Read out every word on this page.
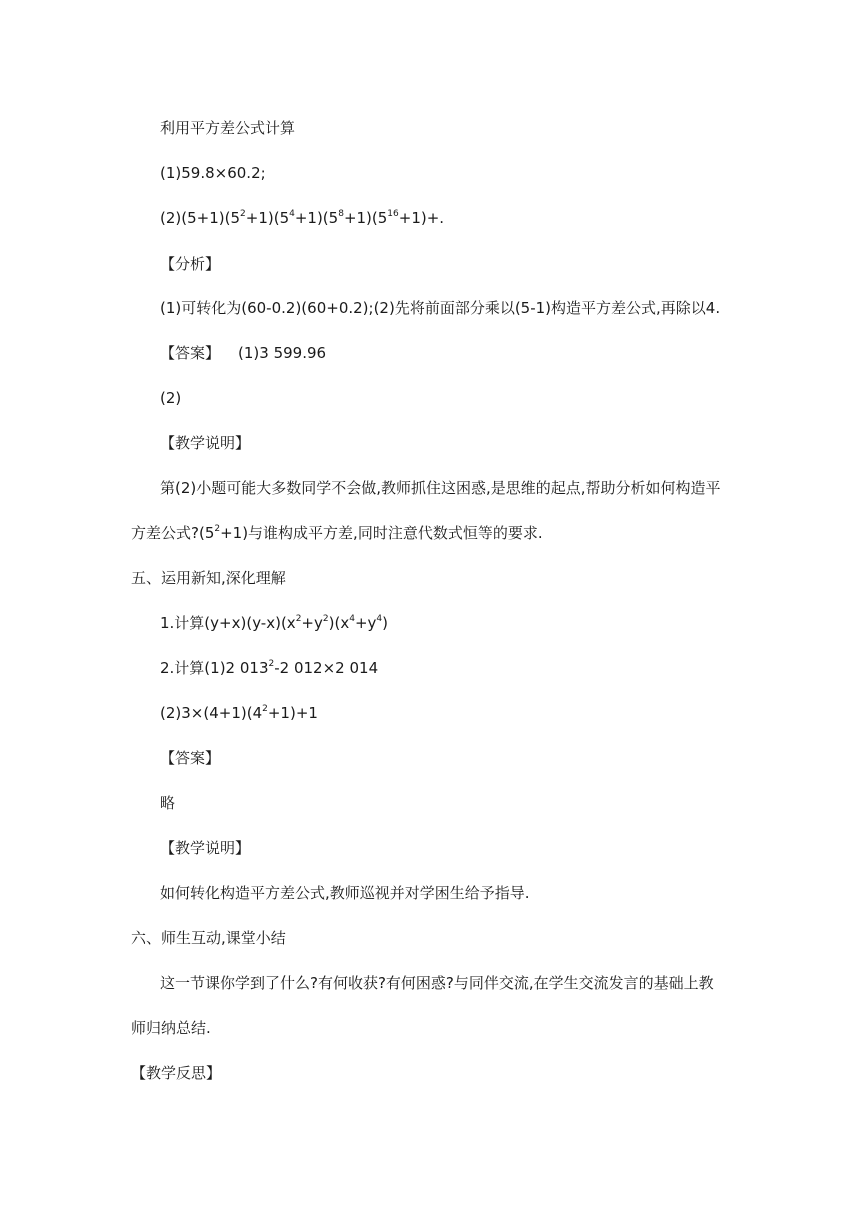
利用平方差公式计算

(1)59.8×60.2;

$(2)(5+1)(5^2+1)(5^4+1)(5^8+1)(5^{16}+1)+$.

【分析】

(1)可转化为(60-0.2)(60+0.2);(2)先将前面部分乘以(5-1)构造平方差公式,再除以4.

【答案】 (1)3 599.96

(2)

【教学说明】

第(2)小题可能大多数同学不会做,教师抓住这困惑,是思维的起点,帮助分析如何构造平

方差公式$?(5^2+1)$与谁构成平方差,同时注意代数式恒等的要求.

五、运用新知,深化理解

1.计算$(y+x)(y-x)(x^2+y^2)(x^4+y^4)$

2.计算(1)2 $013^2-2$ 012×2 014

$(2)3\times(4+1)(4^2+1)+1$

【答案】

略

【教学说明】

如何转化构造平方差公式,教师巡视并对学困生给予指导.

六、师生互动,课堂小结

这一节课你学到了什么?有何收获?有何困惑?与同伴交流,在学生交流发言的基础上教

师归纳总结.

【教学反思】
